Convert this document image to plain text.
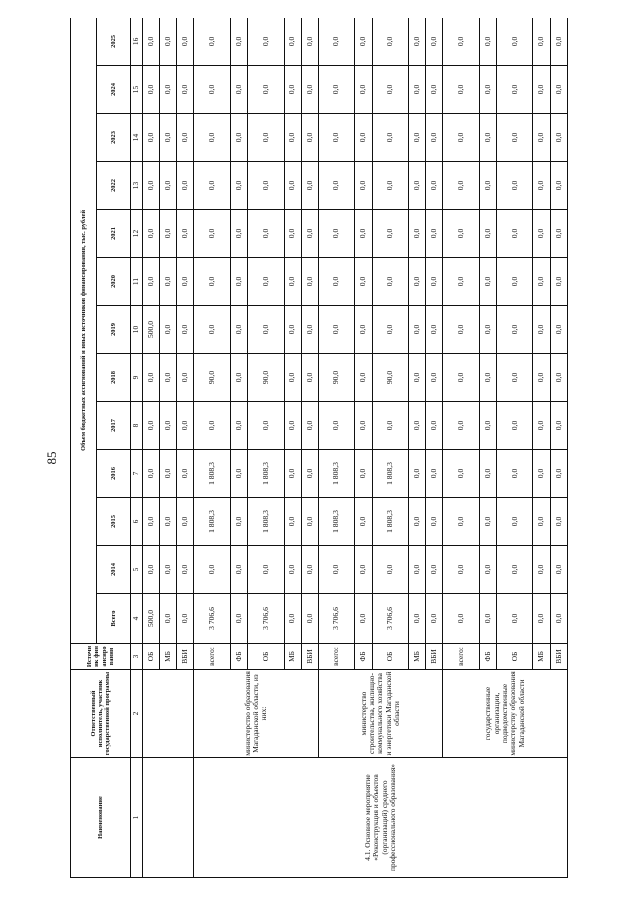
85
Наименование	Ответственный исполнитель, участник государственной программы	Источник финансирования	Объем бюджетных ассигнований и иных источников финансирования, тыс. рублей												
			Всего	2014	2015	2016	2017	2018	2019	2020	2021	2022	2023	2024	2025
1	2	3	4	5	6	7	8	9	10	11	12	13	14	15	16
		ОБ	500,0	0,0	0,0	0,0	0,0	0,0	500,0	0,0	0,0	0,0	0,0	0,0	0,0
		МБ	0,0	0,0	0,0	0,0	0,0	0,0	0,0	0,0	0,0	0,0	0,0	0,0	0,0
		ВБИ	0,0	0,0	0,0	0,0	0,0	0,0	0,0	0,0	0,0	0,0	0,0	0,0	0,0
4.1. Основное мероприятие «Реконструкция и объектов (организаций) среднего профессионального образования»	министерство образования Магаданской области, из них:	всего:	3 706,6	0,0	1 808,3	1 808,3	0,0	90,0	0,0	0,0	0,0	0,0	0,0	0,0	0,0
		ФБ	0,0	0,0	0,0	0,0	0,0	0,0	0,0	0,0	0,0	0,0	0,0	0,0	0,0
		ОБ	3 706,6	0,0	1 808,3	1 808,3	0,0	90,0	0,0	0,0	0,0	0,0	0,0	0,0	0,0
		МБ	0,0	0,0	0,0	0,0	0,0	0,0	0,0	0,0	0,0	0,0	0,0	0,0	0,0
		ВБИ	0,0	0,0	0,0	0,0	0,0	0,0	0,0	0,0	0,0	0,0	0,0	0,0	0,0
	министерство строительства, жилищно-коммунального хозяйства и энергетики Магаданской области	всего:	3 706,6	0,0	1 808,3	1 808,3	0,0	90,0	0,0	0,0	0,0	0,0	0,0	0,0	0,0
		ФБ	0,0	0,0	0,0	0,0	0,0	0,0	0,0	0,0	0,0	0,0	0,0	0,0	0,0
		ОБ	3 706,6	0,0	1 808,3	1 808,3	0,0	90,0	0,0	0,0	0,0	0,0	0,0	0,0	0,0
		МБ	0,0	0,0	0,0	0,0	0,0	0,0	0,0	0,0	0,0	0,0	0,0	0,0	0,0
		ВБИ	0,0	0,0	0,0	0,0	0,0	0,0	0,0	0,0	0,0	0,0	0,0	0,0	0,0
	государственные организации, подведомственные министерству образования Магаданской области	всего:	0,0	0,0	0,0	0,0	0,0	0,0	0,0	0,0	0,0	0,0	0,0	0,0	0,0
		ФБ	0,0	0,0	0,0	0,0	0,0	0,0	0,0	0,0	0,0	0,0	0,0	0,0	0,0
		ОБ	0,0	0,0	0,0	0,0	0,0	0,0	0,0	0,0	0,0	0,0	0,0	0,0	0,0
		МБ	0,0	0,0	0,0	0,0	0,0	0,0	0,0	0,0	0,0	0,0	0,0	0,0	0,0
		ВБИ	0,0	0,0	0,0	0,0	0,0	0,0	0,0	0,0	0,0	0,0	0,0	0,0	0,0
